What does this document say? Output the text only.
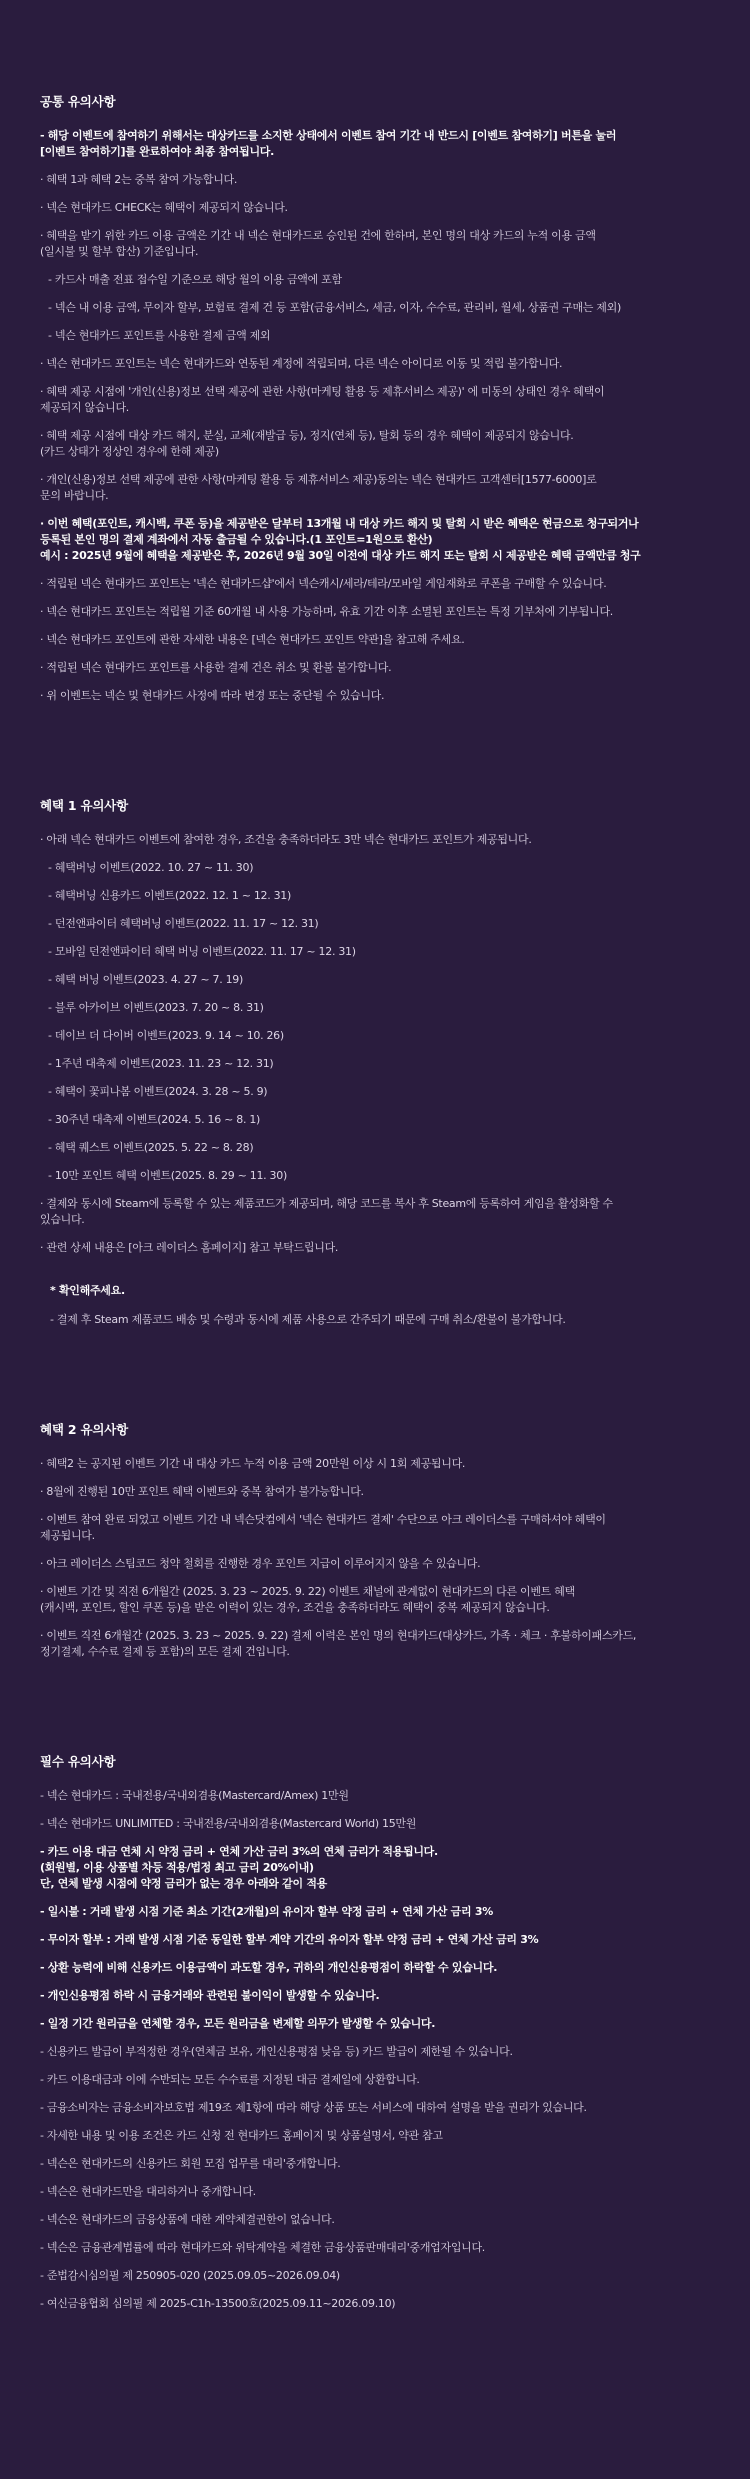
공통 유의사항
- 해당 이벤트에 참여하기 위해서는 대상카드를 소지한 상태에서 이벤트 참여 기간 내 반드시 [이벤트 참여하기] 버튼을 눌러
[이벤트 참여하기]를 완료하여야 최종 참여됩니다.
· 혜택 1과 혜택 2는 중복 참여 가능합니다.
· 넥슨 현대카드 CHECK는 혜택이 제공되지 않습니다.
· 혜택을 받기 위한 카드 이용 금액은 기간 내 넥슨 현대카드로 승인된 건에 한하며, 본인 명의 대상 카드의 누적 이용 금액
(일시불 및 할부 합산) 기준입니다.
- 카드사 매출 전표 접수일 기준으로 해당 월의 이용 금액에 포함
- 넥슨 내 이용 금액, 무이자 할부, 보험료 결제 건 등 포함(금융서비스, 세금, 이자, 수수료, 관리비, 월세, 상품권 구매는 제외)
- 넥슨 현대카드 포인트를 사용한 결제 금액 제외
· 넥슨 현대카드 포인트는 넥슨 현대카드와 연동된 계정에 적립되며, 다른 넥슨 아이디로 이동 및 적립 불가합니다.
· 혜택 제공 시점에 '개인(신용)정보 선택 제공에 관한 사항(마케팅 활용 등 제휴서비스 제공)' 에 미동의 상태인 경우 혜택이
제공되지 않습니다.
· 혜택 제공 시점에 대상 카드 해지, 분실, 교체(재발급 등), 정지(연체 등), 탈회 등의 경우 혜택이 제공되지 않습니다.
(카드 상태가 정상인 경우에 한해 제공)
· 개인(신용)정보 선택 제공에 관한 사항(마케팅 활용 등 제휴서비스 제공)동의는 넥슨 현대카드 고객센터[1577-6000]로
문의 바랍니다.
· 이번 혜택(포인트, 캐시백, 쿠폰 등)을 제공받은 달부터 13개월 내 대상 카드 해지 및 탈회 시 받은 혜택은 현금으로 청구되거나
등록된 본인 명의 결제 계좌에서 자동 출금될 수 있습니다.(1 포인트=1원으로 환산)
예시 : 2025년 9월에 혜택을 제공받은 후, 2026년 9월 30일 이전에 대상 카드 해지 또는 탈회 시 제공받은 혜택 금액만큼 청구
· 적립된 넥슨 현대카드 포인트는 '넥슨 현대카드샵'에서 넥슨캐시/세라/테라/모바일 게임재화로 쿠폰을 구매할 수 있습니다.
· 넥슨 현대카드 포인트는 적립월 기준 60개월 내 사용 가능하며, 유효 기간 이후 소멸된 포인트는 특정 기부처에 기부됩니다.
· 넥슨 현대카드 포인트에 관한 자세한 내용은 [넥슨 현대카드 포인트 약관]을 참고해 주세요.
· 적립된 넥슨 현대카드 포인트를 사용한 결제 건은 취소 및 환불 불가합니다.
· 위 이벤트는 넥슨 및 현대카드 사정에 따라 변경 또는 중단될 수 있습니다.
혜택 1 유의사항
· 아래 넥슨 현대카드 이벤트에 참여한 경우, 조건을 충족하더라도 3만 넥슨 현대카드 포인트가 제공됩니다.
- 혜택버닝 이벤트(2022. 10. 27 ~ 11. 30)
- 혜택버닝 신용카드 이벤트(2022. 12. 1 ~ 12. 31)
- 던전앤파이터 혜택버닝 이벤트(2022. 11. 17 ~ 12. 31)
- 모바일 던전앤파이터 혜택 버닝 이벤트(2022. 11. 17 ~ 12. 31)
- 혜택 버닝 이벤트(2023. 4. 27 ~ 7. 19)
- 블루 아카이브 이벤트(2023. 7. 20 ~ 8. 31)
- 데이브 더 다이버 이벤트(2023. 9. 14 ~ 10. 26)
- 1주년 대축제 이벤트(2023. 11. 23 ~ 12. 31)
- 혜택이 꽃피나봄 이벤트(2024. 3. 28 ~ 5. 9)
- 30주년 대축제 이벤트(2024. 5. 16 ~ 8. 1)
- 혜택 퀘스트 이벤트(2025. 5. 22 ~ 8. 28)
- 10만 포인트 혜택 이벤트(2025. 8. 29 ~ 11. 30)
· 결제와 동시에 Steam에 등록할 수 있는 제품코드가 제공되며, 해당 코드를 복사 후 Steam에 등록하여 게임을 활성화할 수
있습니다.
· 관련 상세 내용은 [아크 레이더스 홈페이지] 참고 부탁드립니다.
* 확인해주세요.
- 결제 후 Steam 제품코드 배송 및 수령과 동시에 제품 사용으로 간주되기 때문에 구매 취소/환불이 불가합니다.
혜택 2 유의사항
· 혜택2 는 공지된 이벤트 기간 내 대상 카드 누적 이용 금액 20만원 이상 시 1회 제공됩니다.
· 8월에 진행된 10만 포인트 혜택 이벤트와 중복 참여가 불가능합니다.
· 이벤트 참여 완료 되었고 이벤트 기간 내 넥슨닷컴에서 '넥슨 현대카드 결제' 수단으로 아크 레이더스를 구매하셔야 혜택이
제공됩니다.
· 아크 레이더스 스팀코드 청약 철회를 진행한 경우 포인트 지급이 이루어지지 않을 수 있습니다.
· 이벤트 기간 및 직전 6개월간 (2025. 3. 23 ~ 2025. 9. 22) 이벤트 채널에 관계없이 현대카드의 다른 이벤트 혜택
(캐시백, 포인트, 할인 쿠폰 등)을 받은 이력이 있는 경우, 조건을 충족하더라도 혜택이 중복 제공되지 않습니다.
· 이벤트 직전 6개월간 (2025. 3. 23 ~ 2025. 9. 22) 결제 이력은 본인 명의 현대카드(대상카드, 가족 · 체크 · 후불하이패스카드,
정기결제, 수수료 결제 등 포함)의 모든 결제 건입니다.
필수 유의사항
- 넥슨 현대카드 : 국내전용/국내외겸용(Mastercard/Amex) 1만원
- 넥슨 현대카드 UNLIMITED : 국내전용/국내외겸용(Mastercard World) 15만원
- 카드 이용 대금 연체 시 약정 금리 + 연체 가산 금리 3%의 연체 금리가 적용됩니다.
(회원별, 이용 상품별 차등 적용/법정 최고 금리 20%이내)
단, 연체 발생 시점에 약정 금리가 없는 경우 아래와 같이 적용
- 일시불 : 거래 발생 시점 기준 최소 기간(2개월)의 유이자 할부 약정 금리 + 연체 가산 금리 3%
- 무이자 할부 : 거래 발생 시점 기준 동일한 할부 계약 기간의 유이자 할부 약정 금리 + 연체 가산 금리 3%
- 상환 능력에 비해 신용카드 이용금액이 과도할 경우, 귀하의 개인신용평점이 하락할 수 있습니다.
- 개인신용평점 하락 시 금융거래와 관련된 불이익이 발생할 수 있습니다.
- 일정 기간 원리금을 연체할 경우, 모든 원리금을 변제할 의무가 발생할 수 있습니다.
- 신용카드 발급이 부적정한 경우(연체금 보유, 개인신용평점 낮음 등) 카드 발급이 제한될 수 있습니다.
- 카드 이용대금과 이에 수반되는 모든 수수료를 지정된 대금 결제일에 상환합니다.
- 금융소비자는 금융소비자보호법 제19조 제1항에 따라 해당 상품 또는 서비스에 대하여 설명을 받을 권리가 있습니다.
- 자세한 내용 및 이용 조건은 카드 신청 전 현대카드 홈페이지 및 상품설명서, 약관 참고
- 넥슨은 현대카드의 신용카드 회원 모집 업무를 대리'중개합니다.
- 넥슨은 현대카드만을 대리하거나 중개합니다.
- 넥슨은 현대카드의 금융상품에 대한 계약체결권한이 없습니다.
- 넥슨은 금융관계법률에 따라 현대카드와 위탁계약을 체결한 금융상품판매대리'중개업자입니다.
- 준법감시심의필 제 250905-020 (2025.09.05~2026.09.04)
- 여신금융협회 심의필 제 2025-C1h-13500호(2025.09.11~2026.09.10)
